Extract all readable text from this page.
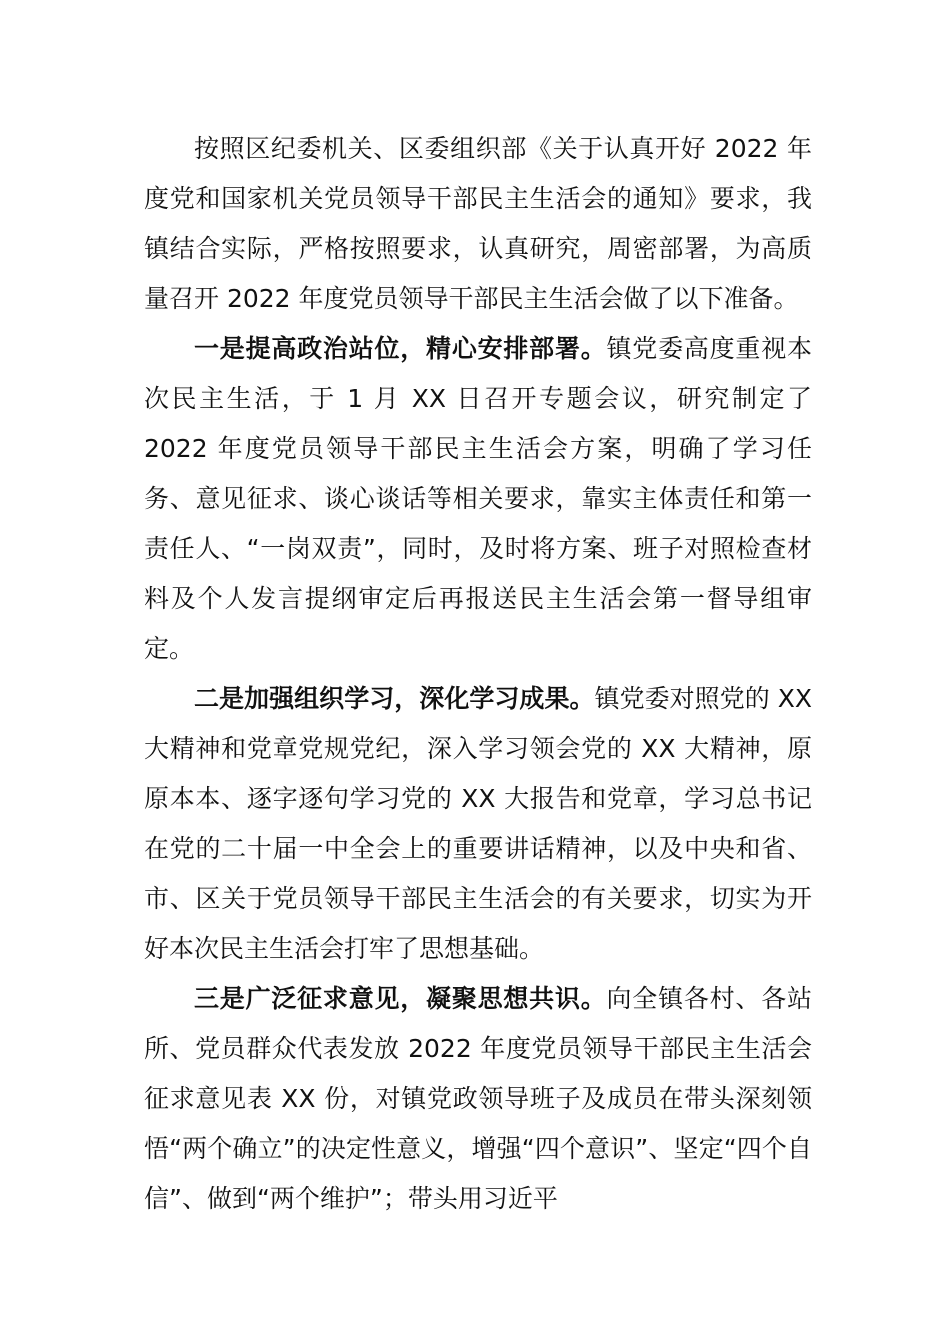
按照区纪委机关、区委组织部《关于认真开好 2022 年度党和国家机关党员领导干部民主生活会的通知》要求，我镇结合实际，严格按照要求，认真研究，周密部署，为高质量召开 2022 年度党员领导干部民主生活会做了以下准备。

一是提高政治站位，精心安排部署。镇党委高度重视本次民主生活，于 1 月 XX 日召开专题会议，研究制定了 2022 年度党员领导干部民主生活会方案，明确了学习任务、意见征求、谈心谈话等相关要求，靠实主体责任和第一责任人、“一岗双责”，同时，及时将方案、班子对照检查材料及个人发言提纲审定后再报送民主生活会第一督导组审定。

二是加强组织学习，深化学习成果。镇党委对照党的 XX 大精神和党章党规党纪，深入学习领会党的 XX 大精神，原原本本、逐字逐句学习党的 XX 大报告和党章，学习总书记在党的二十届一中全会上的重要讲话精神，以及中央和省、市、区关于党员领导干部民主生活会的有关要求，切实为开好本次民主生活会打牢了思想基础。

三是广泛征求意见，凝聚思想共识。向全镇各村、各站所、党员群众代表发放 2022 年度党员领导干部民主生活会征求意见表 XX 份，对镇党政领导班子及成员在带头深刻领悟“两个确立”的决定性意义，增强“四个意识”、坚定“四个自信”、做到“两个维护”；带头用习近平
